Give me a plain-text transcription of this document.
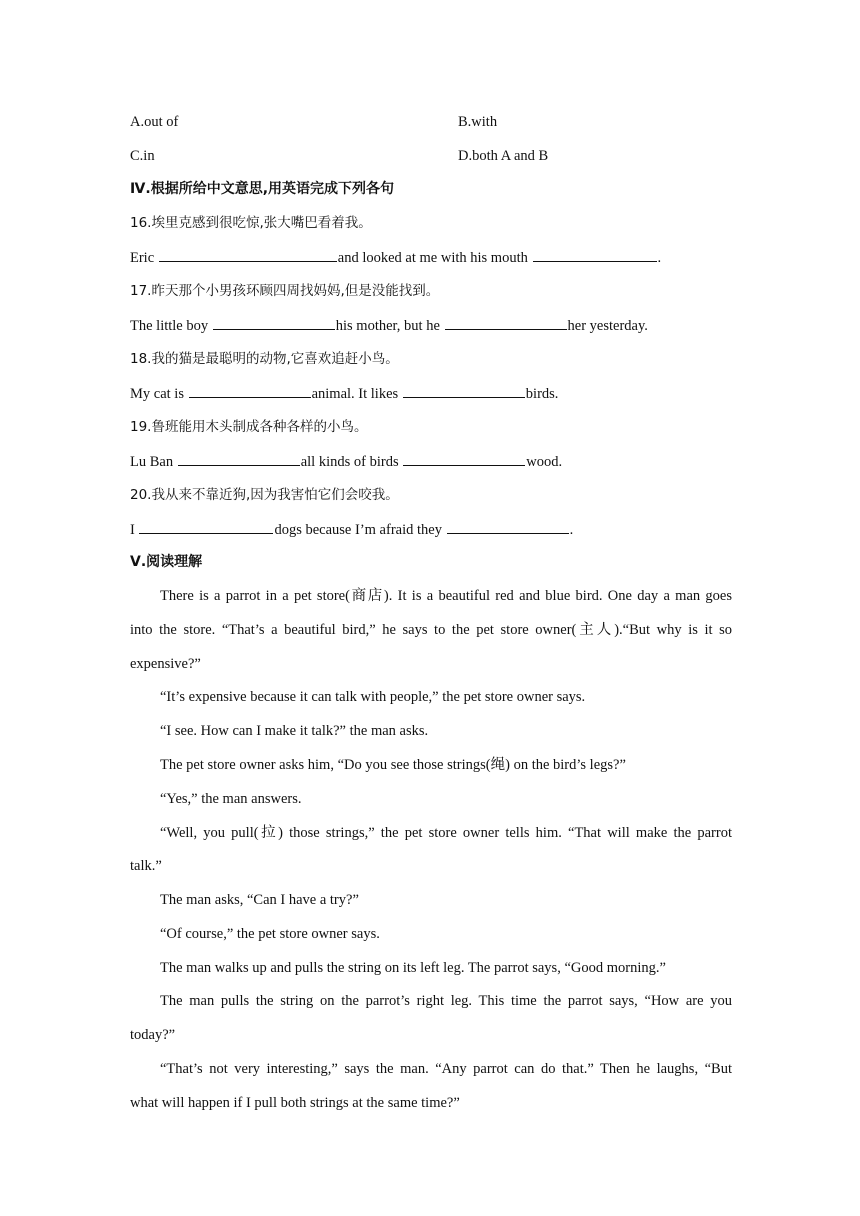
A.out of	B.with
C.in	D.both A and B
Ⅳ.根据所给中文意思,用英语完成下列各句
16.埃里克感到很吃惊,张大嘴巴看着我。
Eric	and looked at me with his mouth	.
17.昨天那个小男孩环顾四周找妈妈,但是没能找到。
The little boy	his mother, but he	her yesterday.
18.我的猫是最聪明的动物,它喜欢追赶小鸟。
My cat is	animal. It likes	birds.
19.鲁班能用木头制成各种各样的小鸟。
Lu Ban	all kinds of birds	wood.
20.我从来不靠近狗,因为我害怕它们会咬我。
I	dogs because I’m afraid they	.
Ⅴ.阅读理解
There is a parrot in a pet store(商店). It is a beautiful red and blue bird. One day a man goes
into the store. “That’s a beautiful bird,” he says to the pet store owner(主人).“But why is it so
expensive?”
“It’s expensive because it can talk with people,” the pet store owner says.
“I see. How can I make it talk?” the man asks.
The pet store owner asks him, “Do you see those strings(绳) on the bird’s legs?”
“Yes,” the man answers.
“Well, you pull(拉) those strings,” the pet store owner tells him. “That will make the parrot
talk.”
The man asks, “Can I have a try?”
“Of course,” the pet store owner says.
The man walks up and pulls the string on its left leg. The parrot says, “Good morning.”
The man pulls the string on the parrot’s right leg. This time the parrot says, “How are you
today?”
“That’s not very interesting,” says the man. “Any parrot can do that.” Then he laughs, “But
what will happen if I pull both strings at the same time?”
